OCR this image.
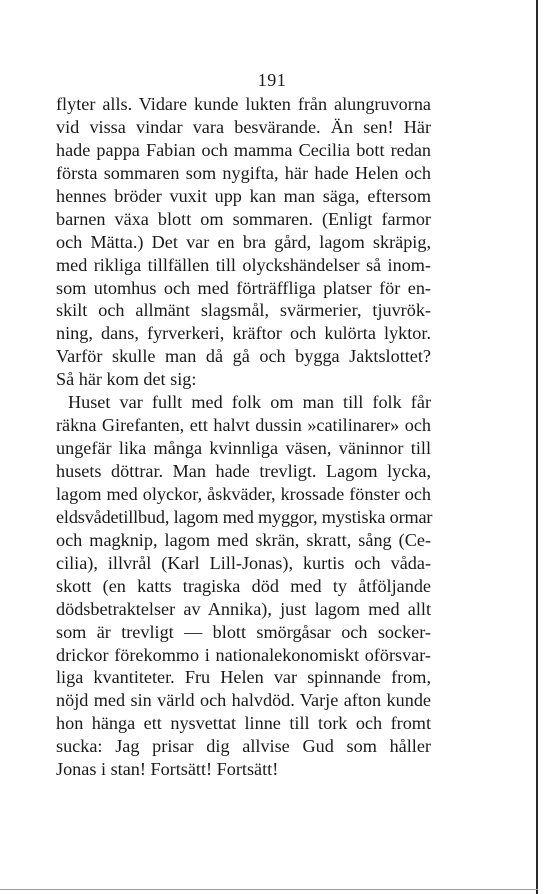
191
flyter alls. Vidare kunde lukten från alungruvorna
vid vissa vindar vara besvärande. Än sen! Här
hade pappa Fabian och mamma Cecilia bott redan
första sommaren som nygifta, här hade Helen och
hennes bröder vuxit upp kan man säga, eftersom
barnen växa blott om sommaren. (Enligt farmor
och Mätta.) Det var en bra gård, lagom skräpig,
med rikliga tillfällen till olyckshändelser så inom-
som utomhus och med förträffliga platser för en-
skilt och allmänt slagsmål, svärmerier, tjuvrök-
ning, dans, fyrverkeri, kräftor och kulörta lyktor.
Varför skulle man då gå och bygga Jaktslottet?
Så här kom det sig:
Huset var fullt med folk om man till folk får
räkna Girefanten, ett halvt dussin »catilinarer» och
ungefär lika många kvinnliga väsen, väninnor till
husets döttrar. Man hade trevligt. Lagom lycka,
lagom med olyckor, åskväder, krossade fönster och
eldsvådetillbud, lagom med myggor, mystiska ormar
och magknip, lagom med skrän, skratt, sång (Ce-
cilia), illvrål (Karl Lill-Jonas), kurtis och våda-
skott (en katts tragiska död med ty åtföljande
dödsbetraktelser av Annika), just lagom med allt
som är trevligt — blott smörgåsar och socker-
drickor förekommo i nationalekonomiskt oförsvar-
liga kvantiteter. Fru Helen var spinnande from,
nöjd med sin värld och halvdöd. Varje afton kunde
hon hänga ett nysvettat linne till tork och fromt
sucka: Jag prisar dig allvise Gud som håller
Jonas i stan! Fortsätt! Fortsätt!
